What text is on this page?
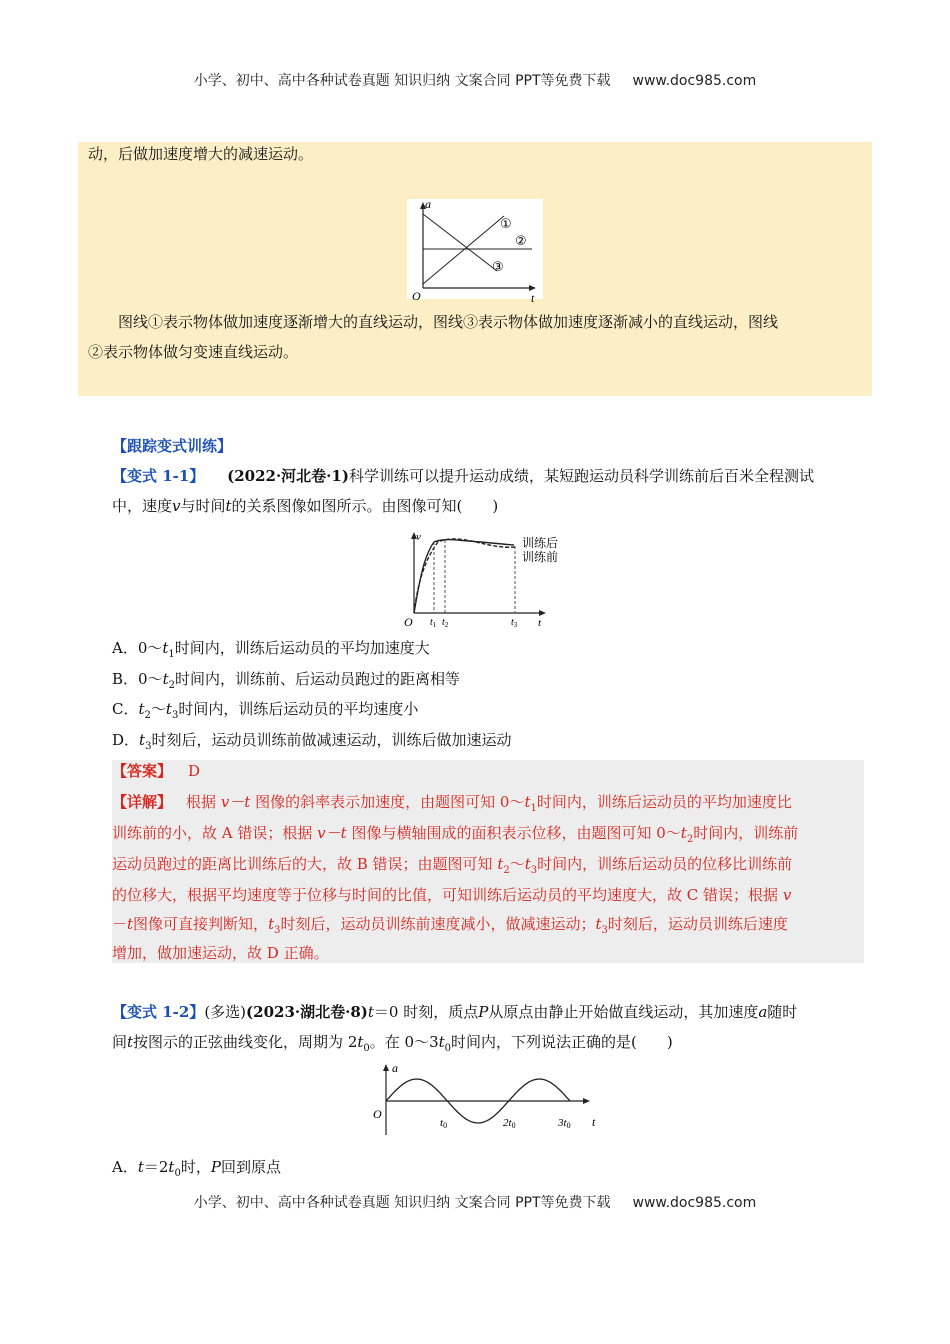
小学、初中、高中各种试卷真题 知识归纳 文案合同 PPT等免费下载 www.doc985.com
动，后做加速度增大的减速运动。
a
t
O
①
②
③
图线①表示物体做加速度逐渐增大的直线运动，图线③表示物体做加速度逐渐减小的直线运动，图线
②表示物体做匀变速直线运动。
【跟踪变式训练】
【变式 1-1】 (2022·河北卷·1)科学训练可以提升运动成绩，某短跑运动员科学训练前后百米全程测试
中，速度v与时间t的关系图像如图所示。由图像可知(　　)
v
t
O
训练后
训练前
$t_1$ $t_2$	$t_3$
A．$0\sim t_1$时间内，训练后运动员的平均加速度大
B．$0\sim t_2$时间内，训练前、后运动员跑过的距离相等
C．$t_2\sim t_3$时间内，训练后运动员的平均速度小
D．$t_3$时刻后，运动员训练前做减速运动，训练后做加速运动
【答案】 D
【详解】 根据 v－t 图像的斜率表示加速度，由题图可知 $0\sim t_1$时间内，训练后运动员的平均加速度比
训练前的小，故 A 错误；根据 v－t 图像与横轴围成的面积表示位移，由题图可知 $0\sim t_2$时间内，训练前
运动员跑过的距离比训练后的大，故 B 错误；由题图可知 $t_2\sim t_3$时间内，训练后运动员的位移比训练前
的位移大，根据平均速度等于位移与时间的比值，可知训练后运动员的平均速度大，故 C 错误；根据 v
－t图像可直接判断知，$t_3$时刻后，运动员训练前速度减小，做减速运动；$t_3$时刻后，运动员训练后速度
增加，做加速运动，故 D 正确。
【变式 1-2】(多选)(2023·湖北卷·8)t＝0 时刻，质点P从原点由静止开始做直线运动，其加速度a随时
间t按图示的正弦曲线变化，周期为 $2t_0$。在 $0\sim 3t_0$时间内，下列说法正确的是(　　)
a
t
O
t0	2t0	3t0
A．$t=2t_0$时，P回到原点
小学、初中、高中各种试卷真题 知识归纳 文案合同 PPT等免费下载 www.doc985.com
